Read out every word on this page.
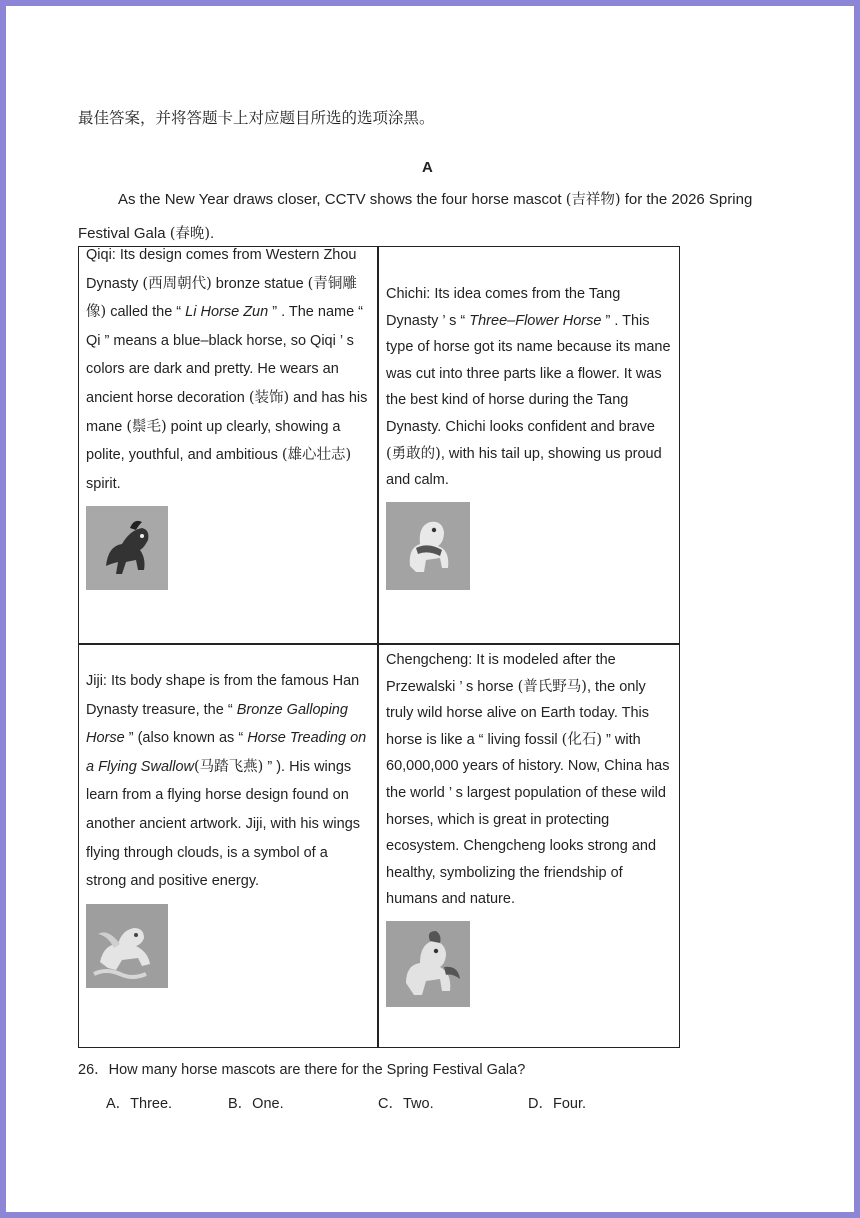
最佳答案，并将答题卡上对应题目所选的选项涂黑。
A
As the New Year draws closer, CCTV shows the four horse mascot (吉祥物) for the 2026 Spring
Festival Gala (春晚).

Qiqi: Its design comes from Western Zhou Dynasty (西周朝代) bronze statue (青铜雕像) called the “ Li Horse Zun ” . The name “ Qi ” means a blue–black horse, so Qiqi ’ s colors are dark and pretty. He wears an ancient horse decoration (装饰) and has his mane (鬃毛) point up clearly, showing a polite, youthful, and ambitious (雄心壮志) spirit.

Chichi: Its idea comes from the Tang Dynasty ’ s “ Three–Flower Horse ” . This type of horse got its name because its mane was cut into three parts like a flower. It was the best kind of horse during the Tang Dynasty. Chichi looks confident and brave (勇敢的), with his tail up, showing us proud and calm.

Jiji: Its body shape is from the famous Han Dynasty treasure, the “ Bronze Galloping Horse ” (also known as “ Horse Treading on a Flying Swallow(马踏飞燕) ” ). His wings learn from a flying horse design found on another ancient artwork. Jiji, with his wings flying through clouds, is a symbol of a strong and positive energy.

Chengcheng: It is modeled after the Przewalski ’ s horse (普氏野马), the only truly wild horse alive on Earth today. This horse is like a “ living fossil (化石) ” with 60,000,000 years of history. Now, China has the world ’ s largest population of these wild horses, which is great in protecting ecosystem. Chengcheng looks strong and healthy, symbolizing the friendship of humans and nature.

26．How many horse mascots are there for the Spring Festival Gala?
A．Three.	B．One.	C．Two.	D．Four.
